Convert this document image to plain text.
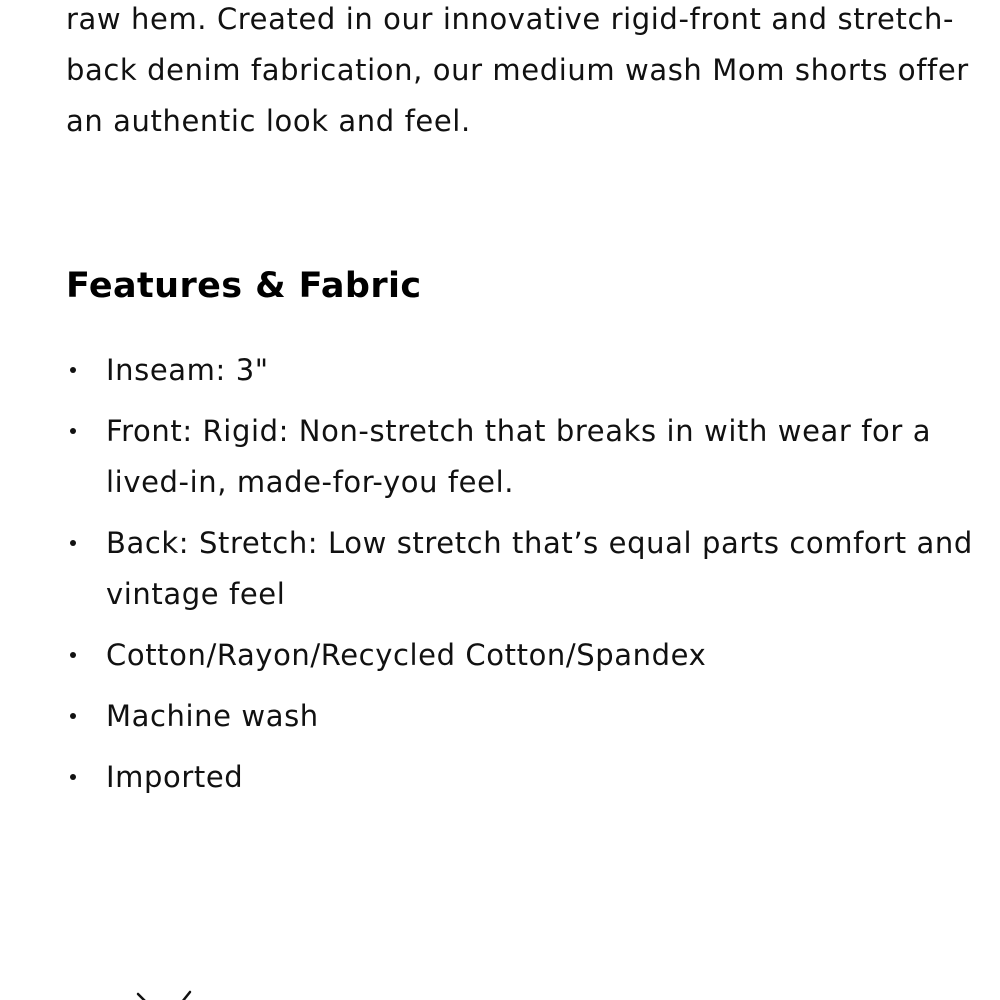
raw hem. Created in our innovative rigid-front and stretch-back denim fabrication, our medium wash Mom shorts offer an authentic look and feel.

Features & Fabric
Inseam: 3"
Front: Rigid: Non-stretch that breaks in with wear for a lived-in, made-for-you feel.
Back: Stretch: Low stretch that’s equal parts comfort and vintage feel
Cotton/Rayon/Recycled Cotton/Spandex
Machine wash
Imported
